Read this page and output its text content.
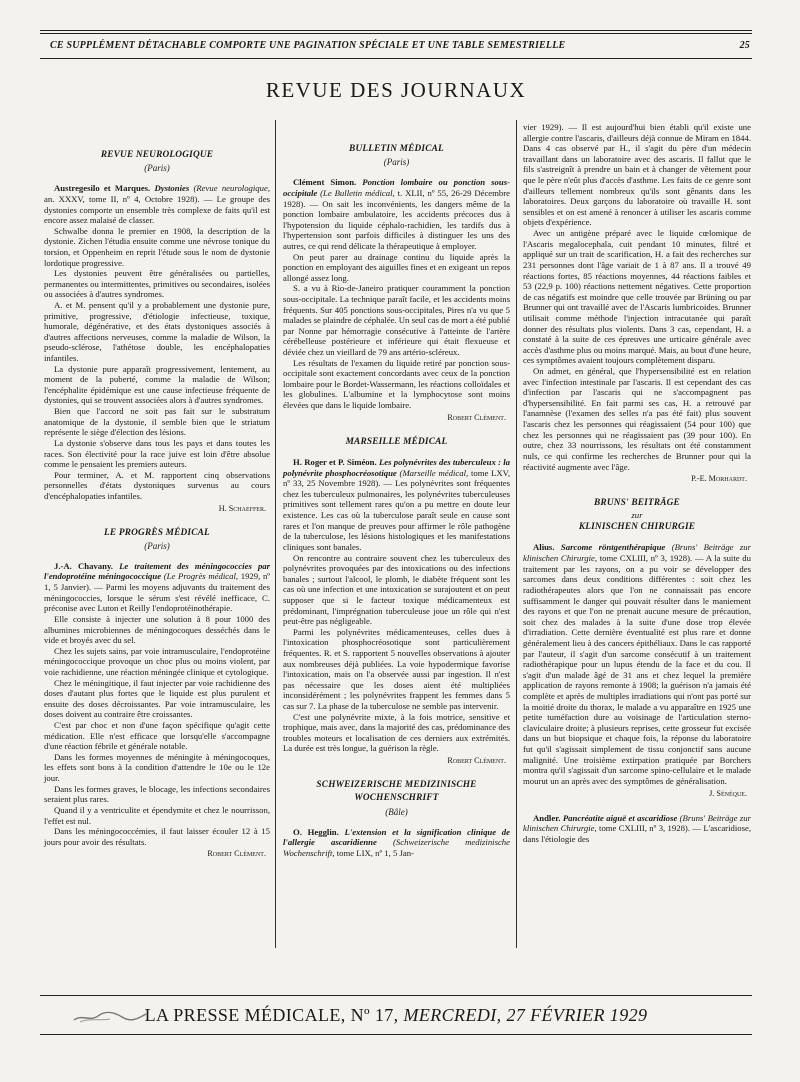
CE SUPPLÉMENT DÉTACHABLE COMPORTE UNE PAGINATION SPÉCIALE ET UNE TABLE SEMESTRIELLE	25
REVUE DES JOURNAUX
REVUE NEUROLOGIQUE
(Paris)

Austregesilo et Marques. Dystonies (Revue neurologique, an. XXXV, tome II, nº 4, Octobre 1928). — Le groupe des dystonies comporte un ensemble très complexe de faits qu'il est encore assez malaisé de classer.

Schwalbe donna le premier en 1908, la description de la dystonie. Zichen l'étudia ensuite comme une névrose tonique du torsion, et Oppenheim en reprit l'étude sous le nom de dystonie lordotique progressive.

Les dystonies peuvent être généralisées ou partielles, permanentes ou intermittentes, primitives ou secondaires, isolées ou associées à d'autres syndromes.

A. et M. pensent qu'il y a probablement une dystonie pure, primitive, progressive, d'étiologie infectieuse, toxique, humorale, dégénérative, et des états dystoniques associés à d'autres affections nerveuses, comme la maladie de Wilson, la pseudo-sclérose, l'athétose double, les encéphalopaties infantiles.

La dystonie pure apparaît progressivement, lentement, au moment de la puberté, comme la maladie de Wilson; l'encéphalite épidémique est une cause infectieuse fréquente de dystonies, qui se trouvent associées alors à d'autres syndromes.

Bien que l'accord ne soit pas fait sur le substratum anatomique de la dystonie, il semble bien que le striatum représente le siège d'élection des lésions.

La dystonie s'observe dans tous les pays et dans toutes les races. Son électivité pour la race juive est loin d'être absolue comme le pensaient les premiers auteurs.

Pour terminer, A. et M. rapportent cinq observations personnelles d'états dystoniques survenus au cours d'encéphalopaties infantiles.

H. Schaeffer.
LE PROGRÈS MÉDICAL
(Paris)

J.-A. Chavany. Le traitement des méningococcies par l'endoprotéine méningococcique (Le Progrès médical, 1929, nº 1, 5 Janvier). — Parmi les moyens adjuvants du traitement des méningococcies, lorsque le sérum s'est révélé inefficace, C. préconise avec Luton et Reilly l'endoprotéinothérapie.

Elle consiste à injecter une solution à 8 pour 1000 des albumines microbiennes de méningocoques desséchés dans le vide et broyés avec du sel.

Chez les sujets sains, par voie intramusculaire, l'endoprotéine méningococcique provoque un choc plus ou moins violent, par voie rachidienne, une réaction méningée clinique et cytologique.

Chez le méningitique, il faut injecter par voie rachidienne des doses d'autant plus fortes que le liquide est plus purulent et ensuite des doses décroissantes. Par voie intramusculaire, les doses doivent au contraire être croissantes.

C'est par choc et non d'une façon spécifique qu'agit cette médication. Elle n'est efficace que lorsqu'elle s'accompagne d'une réaction fébrile et générale notable.

Dans les formes moyennes de méningite à méningocoques, les effets sont bons à la condition d'attendre le 10e ou le 12e jour.

Dans les formes graves, le blocage, les infections secondaires seraient plus rares.

Quand il y a ventriculite et épendymite et chez le nourrisson, l'effet est nul.

Dans les méningococcémies, il faut laisser écouler 12 à 15 jours pour avoir des résultats.

Robert Clément.
BULLETIN MÉDICAL
(Paris)

Clément Simon. Ponction lombaire ou ponction sous-occipitale (Le Bulletin médical, t. XLII, nº 55, 26-29 Décembre 1928). — On sait les inconvénients, les dangers même de la ponction lombaire ambulatoire, les accidents précoces dus à l'hypotension du liquide céphalo-rachidien, les tardifs dus à l'hypertension sont parfois difficiles à distinguer les uns des autres, ce qui rend délicate la thérapeutique à employer.

On peut parer au drainage continu du liquide après la ponction en employant des aiguilles fines et en exigeant un repos allongé assez long.

S. a vu à Rio-de-Janeiro pratiquer couramment la ponction sous-occipitale. La technique paraît facile, et les accidents moins fréquents. Sur 405 ponctions sous-occipitales, Pires n'a vu que 5 malades se plaindre de céphalée. Un seul cas de mort a été publié par Nonne par hémorragie consécutive à l'atteinte de l'artère cérébelleuse postérieure et inférieure qui était flexueuse et déviée chez un vieillard de 79 ans artério-scléreux.

Les résultats de l'examen du liquide retiré par ponction sous-occipitale sont exactement concordants avec ceux de la ponction lombaire pour le Bordet-Wassermann, les réactions colloïdales et les globulines. L'albumine et la lymphocytose sont moins élevées que dans le liquide lombaire.

Robert Clément.
MARSEILLE MÉDICAL

H. Roger et P. Siméon. Les polynévrites des tuberculeux : la polynévrite phosphocréosotique (Marseille médical, tome LXV, nº 33, 25 Novembre 1928). — Les polynévrites sont fréquentes chez les tuberculeux pulmonaires, les polynévrites tuberculeuses primitives sont tellement rares qu'on a pu mettre en doute leur existence. Les cas où la tuberculose paraît seule en cause sont rares et l'on manque de preuves pour affirmer le rôle pathogène de la tuberculose, les lésions histologiques et les manifestations cliniques sont banales.

On rencontre au contraire souvent chez les tuberculeux des polynévrites provoquées par des intoxications ou des infections banales ; surtout l'alcool, le plomb, le diabète fréquent sont les cas où une infection et une intoxication se surajoutent et on peut supposer que si le facteur toxique médicamenteux est prédominant, l'imprégnation tuberculeuse joue un rôle qui n'est peut-être pas négligeable.

Parmi les polynévrites médicamenteuses, celles dues à l'intoxication phosphocréosotique sont particulièrement fréquentes. R. et S. rapportent 5 nouvelles observations à ajouter aux nombreuses déjà publiées. La voie hypodermique favorise l'intoxication, mais on l'a observée aussi par ingestion. Il n'est pas nécessaire que les doses aient été multipliées inconsidérément ; les polynévrites frappent les femmes dans 5 cas sur 7. La phase de la tuberculose ne semble pas intervenir.

C'est une polynévrite mixte, à la fois motrice, sensitive et trophique, mais avec, dans la majorité des cas, prédominance des troubles moteurs et localisation de ces derniers aux extrémités. La durée est très longue, la guérison la règle.

Robert Clément.
SCHWEIZERISCHE MEDIZINISCHE
WOCHENSCHRIFT
(Bâle)

O. Hegglin. L'extension et la signification clinique de l'allergie ascaridienne (Schweizerische medizinische Wochenschrift, tome LIX, nº 1, 5 Jan-

vier 1929). — Il est aujourd'hui bien établi qu'il existe une allergie contre l'ascaris, d'ailleurs déjà connue de Miram en 1844. Dans 4 cas observé par H., il s'agit du père d'un médecin travaillant dans un laboratoire avec des ascaris. Il fallut que le fils s'astreignît à prendre un bain et à changer de vêtement pour que le père n'eût plus d'accès d'asthme. Les faits de ce genre sont d'ailleurs tellement nombreux qu'ils sont gênants dans les laboratoires. Deux garçons du laboratoire où travaille H. sont sensibles et on est amené à renoncer à utiliser les ascaris comme objets d'expérience.

Avec un antigène préparé avec le liquide cœlomique de l'Ascaris megalocephala, cuit pendant 10 minutes, filtré et appliqué sur un trait de scarification, H. a fait des recherches sur 231 personnes dont l'âge variait de 1 à 87 ans. Il a trouvé 49 réactions fortes, 85 réactions moyennes, 44 réactions faibles et 53 (22,9 p. 100) réactions nettement négatives. Cette proportion de cas négatifs est moindre que celle trouvée par Brüning ou par Brunner qui ont travaillé avec de l'Ascaris lumbricoides. Brunner utilisait comme méthode l'injection intracutanée qui paraît donner des résultats plus violents. Dans 3 cas, cependant, H. a constaté à la suite de ces épreuves une urticaire générale avec accès d'asthme plus ou moins marqué. Mais, au bout d'une heure, ces symptômes avaient toujours complètement disparu.

On admet, en général, que l'hypersensibilité est en relation avec l'infection intestinale par l'ascaris. Il est cependant des cas d'infection par l'ascaris qui ne s'accompagnent pas d'hypersensibilité. En fait parmi ses cas, H. a retrouvé par l'anamnèse (l'examen des selles n'a pas été fait) plus souvent l'ascaris chez les personnes qui réagissaient (54 pour 100) que chez les personnes qui ne réagissaient pas (39 pour 100). En outre, chez 33 nourrissons, les résultats ont été constamment nuls, ce qui confirme les recherches de Brunner pour qui la réactivité augmente avec l'âge.

P.-E. Morhardt.
BRUNS' BEITRÄGE
zur
KLINISCHEN CHIRURGIE

Alius. Sarcome röntgenthérapique (Bruns' Beiträge zur klinischen Chirurgie, tome CXLIII, nº 3, 1928). — A la suite du traitement par les rayons, on a pu voir se développer des sarcomes dans deux conditions différentes : soit chez les radiothérapeutes alors que l'on ne connaissait pas encore suffisamment le danger qui pouvait résulter dans le maniement des rayons et que l'on ne prenait aucune mesure de précaution, soit chez des malades à la suite d'une dose trop élevée d'irradiation. Cette dernière éventualité est plus rare et donne généralement lieu à des cancers épithéliaux. Dans le cas rapporté par l'auteur, il s'agit d'un sarcome consécutif à un traitement radiothérapique pour un lupus étendu de la face et du cou. Il s'agit d'un malade âgé de 31 ans et chez lequel la première application de rayons remonte à 1908; la guérison n'a jamais été complète et après de multiples irradiations qui n'ont pas porté sur la moitié droite du thorax, le malade a vu apparaître en 1925 une petite tuméfaction dure au voisinage de l'articulation sterno-claviculaire droite; à plusieurs reprises, cette grosseur fut excisée dans un but biopsique et chaque fois, la réponse du laboratoire fut qu'il s'agissait simplement de tissu conjonctif sans aucune malignité. Une troisième extirpation pratiquée par Borchers montra qu'il s'agissait d'un sarcome spino-cellulaire et le malade mourut un an après avec des symptômes de généralisation.

J. Sénèque.

Andler. Pancréatite aiguë et ascaridiose (Bruns' Beiträge zur klinischen Chirurgie, tome CXLIII, nº 3, 1928). — L'ascaridiose, dans l'étiologie des

LA PRESSE MÉDICALE, Nº 17, MERCREDI, 27 FÉVRIER 1929
